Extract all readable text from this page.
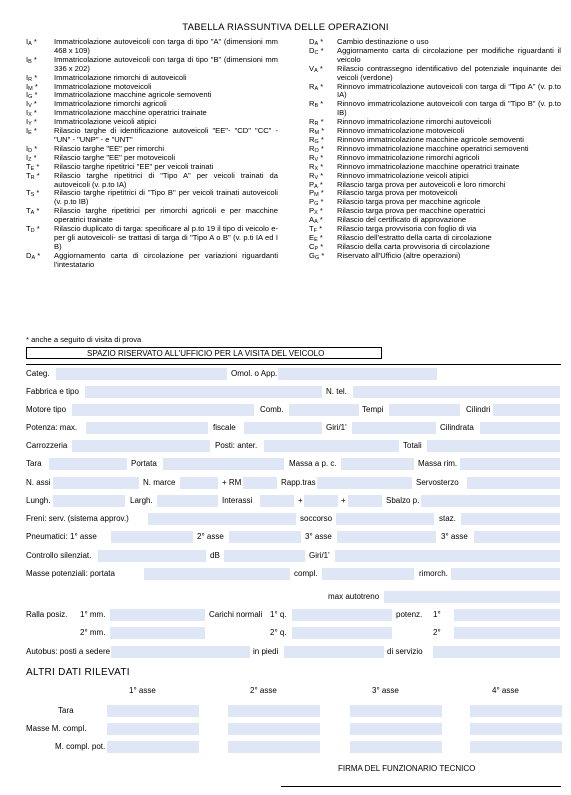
TABELLA RIASSUNTIVA DELLE OPERAZIONI
$I_A$ *	Immatricolazione autoveicoli con targa di tipo "A" (dimensioni mm 468 x 109)
$I_B$ *	Immatricolazione autoveicoli con targa di tipo "B" (dimensioni mm 336 x 202)
$I_R$ *	Immatricolazione rimorchi di autoveicoli
$I_M$ *	Immatricolazione motoveicoli
$I_G$ *	Immatricolazione macchine agricole semoventi
$I_V$ *	Immatricolazione rimorchi agricoli
$I_X$ *	Immatricolazione macchine operatrici trainate
$I_Y$ *	Immatricolazione veicoli atipici
$I_E$ *	Rilascio targhe di identificazione autoveicoli "EE"- "CD" "CC" - "UN" - "UNP" - e "UNT"
$I_D$ *	Rilascio targhe "EE" per rimorchi
$I_Z$ *	Rilascio targhe "EE" per motoveicoli
$T_E$ *	Rilascio targhe ripetitrici "EE" per veicoli trainati
$T_R$ *	Rilascio targhe ripetitrici di "Tipo A" per veicoli trainati da autoveicoli (v. p.to IA)
$T_S$ *	Rilascio targhe ripetitrici di "Tipo B" per veicoli trainati autoveicoli (v. p.to IB)
$T_A$ *	Rilascio targhe ripetitrici per rimorchi agricoli e per macchine operatrici trainate
$T_D$ *	Rilascio duplicato di targa: specificare al p.to 19 il tipo di veicolo e- per gli autoveicoli- se trattasi di targa di "Tipo A o B" (v. p.ti IA ed I B)
$D_A$ *	Aggiornamento carta di circolazione per variazioni riguardanti l'intestatario
$D_A$ *	Cambio destinazione o uso
$D_C$ *	Aggiornamento carta di circolazione per modifiche riguardanti il veicolo
$V_A$ *	Rilascio contrassegno identificativo del potenziale inquinante dei veicoli (verdone)
$R_A$ *	Rinnovo immatricolazione autoveicoli con targa di "Tipo A" (v. p.to IA)
$R_B$ *	Rinnovo immatricolazione autoveicoli con targa di "Tipo B" (v. p.to IB)
$R_R$ *	Rinnovo immatricolazione rimorchi autoveicoli
$R_M$ *	Rinnovo immatricolazione motoveicoli
$R_G$ *	Rinnovo immatricolazione macchine agricole semoventi
$R_O$ *	Rinnovo immatricolazione macchine operatrici semoventi
$R_V$ *	Rinnovo immatricolazione rimorchi agricoli
$R_X$ *	Rinnovo immatricolazione macchine operatrici trainate
$R_V$ *	Rinnovo immatricolazione veicoli atipici
$P_A$ *	Rilascio targa prova per autoveicoli e loro rimorchi
$P_M$ *	Rilascio targa prova per motoveicoli
$P_G$ *	Rilascio targa prova per macchine agricole
$P_X$ *	Rilascio targa prova per macchine operatrici
$A_A$ *	Rilascio del certificato di approvazione
$T_F$ *	Rilascio targa provvisoria con foglio di via
$E_E$ *	Rilascio dell'estratto della carta di circolazione
$C_P$ *	Rilascio della carta provvisoria di circolazione
$G_G$ *	Riservato all'Ufficio (altre operazioni)
* anche a seguito di visita di prova
SPAZIO RISERVATO ALL'UFFICIO PER LA VISITA DEL VEICOLO
Categ.	Omol. o App.
Fabbrica e tipo	N. tel.
Motore tipo	Comb.	Tempi	Cilindri
Potenza: max.	fiscale	Giri/1'	Cilindrata
Carrozzeria	Posti: anter.	Totali
Tara	Portata	Massa a p. c.	Massa rim.
N. assi	N. marce	+ RM	Rapp.tras	Servosterzo
Lungh.	Largh.	Interassi	+	+	Sbalzo p.
Freni: serv. (sistema approv.)	soccorso	staz.
Pneumatici: 1° asse	2° asse	3° asse	3° asse
Controllo silenziat.	dB	Giri/1'
Masse potenziali: portata	compl.	rimorch.
max autotreno
Ralla posiz. 1° mm.	Carichi normali 1° q.	potenz. 1°
2° mm.	2° q.	2°
Autobus: posti a sedere	in piedi	di servizio
ALTRI DATI RILEVATI
1° asse	2° asse	3° asse	4° asse
Tara
Masse M. compl.
M. compl. pot.
FIRMA DEL FUNZIONARIO TECNICO
